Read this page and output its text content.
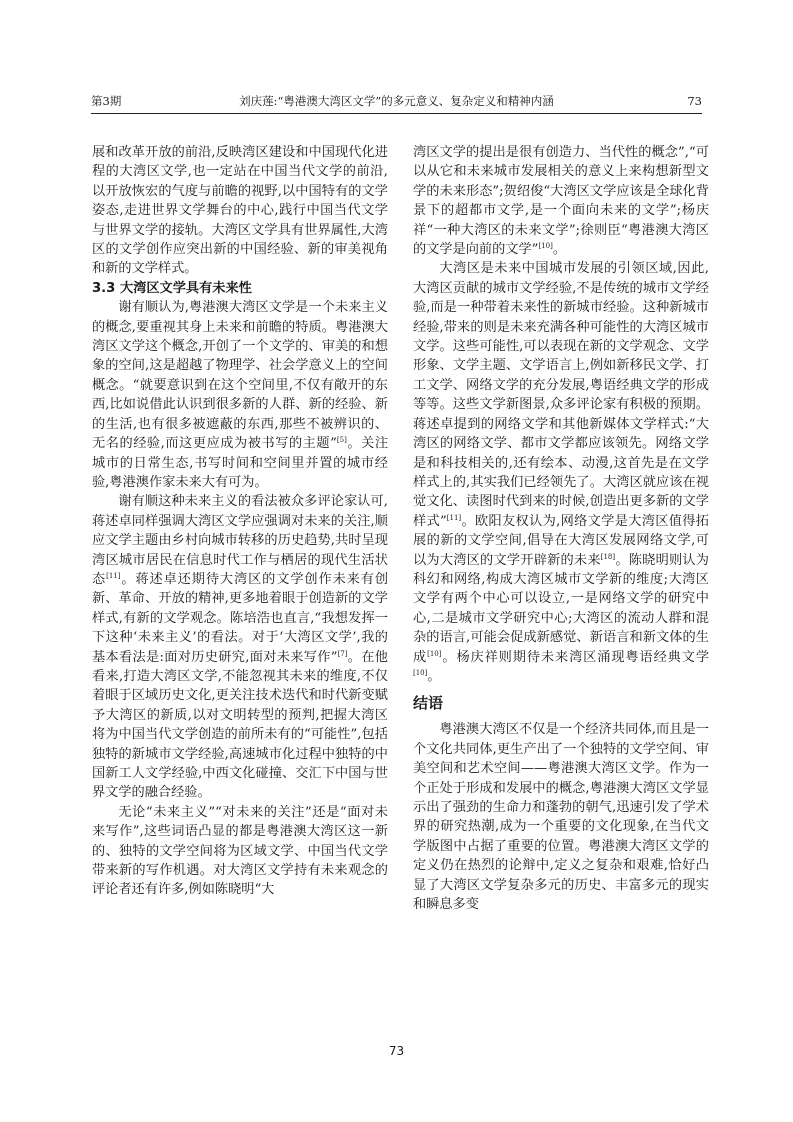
第3期	刘庆莲:“粤港澳大湾区文学”的多元意义、复杂定义和精神内涵	73

展和改革开放的前沿,反映湾区建设和中国现代化进程的大湾区文学,也一定站在中国当代文学的前沿,以开放恢宏的气度与前瞻的视野,以中国特有的文学姿态,走进世界文学舞台的中心,践行中国当代文学与世界文学的接轨。大湾区文学具有世界属性,大湾区的文学创作应突出新的中国经验、新的审美视角和新的文学样式。

3.3 大湾区文学具有未来性

谢有顺认为,粤港澳大湾区文学是一个未来主义的概念,要重视其身上未来和前瞻的特质。粤港澳大湾区文学这个概念,开创了一个文学的、审美的和想象的空间,这是超越了物理学、社会学意义上的空间概念。“就要意识到在这个空间里,不仅有敞开的东西,比如说借此认识到很多新的人群、新的经验、新的生活,也有很多被遮蔽的东西,那些不被辨识的、无名的经验,而这更应成为被书写的主题”[5]。关注城市的日常生态,书写时间和空间里并置的城市经验,粤港澳作家未来大有可为。

谢有顺这种未来主义的看法被众多评论家认可,蒋述卓同样强调大湾区文学应强调对未来的关注,顺应文学主题由乡村向城市转移的历史趋势,共时呈现湾区城市居民在信息时代工作与栖居的现代生活状态[11]。蒋述卓还期待大湾区的文学创作未来有创新、革命、开放的精神,更多地着眼于创造新的文学样式,有新的文学观念。陈培浩也直言,“我想发挥一下这种‘未来主义’的看法。对于‘大湾区文学’,我的基本看法是:面对历史研究,面对未来写作”[7]。在他看来,打造大湾区文学,不能忽视其未来的维度,不仅着眼于区域历史文化,更关注技术迭代和时代新变赋予大湾区的新质,以对文明转型的预判,把握大湾区将为中国当代文学创造的前所未有的“可能性”,包括独特的新城市文学经验,高速城市化过程中独特的中国新工人文学经验,中西文化碰撞、交汇下中国与世界文学的融合经验。

无论“未来主义”“对未来的关注”还是“面对未来写作”,这些词语凸显的都是粤港澳大湾区这一新的、独特的文学空间将为区域文学、中国当代文学带来新的写作机遇。对大湾区文学持有未来观念的评论者还有许多,例如陈晓明“大

湾区文学的提出是很有创造力、当代性的概念”,“可以从它和未来城市发展相关的意义上来构想新型文学的未来形态”;贺绍俊“大湾区文学应该是全球化背景下的超都市文学,是一个面向未来的文学”;杨庆祥“一种大湾区的未来文学”;徐则臣“粤港澳大湾区的文学是向前的文学”[10]。

大湾区是未来中国城市发展的引领区域,因此,大湾区贡献的城市文学经验,不是传统的城市文学经验,而是一种带着未来性的新城市经验。这种新城市经验,带来的则是未来充满各种可能性的大湾区城市文学。这些可能性,可以表现在新的文学观念、文学形象、文学主题、文学语言上,例如新移民文学、打工文学、网络文学的充分发展,粤语经典文学的形成等等。这些文学新图景,众多评论家有积极的预期。蒋述卓提到的网络文学和其他新媒体文学样式:“大湾区的网络文学、都市文学都应该领先。网络文学是和科技相关的,还有绘本、动漫,这首先是在文学样式上的,其实我们已经领先了。大湾区就应该在视觉文化、读图时代到来的时候,创造出更多新的文学样式”[11]。欧阳友权认为,网络文学是大湾区值得拓展的新的文学空间,倡导在大湾区发展网络文学,可以为大湾区的文学开辟新的未来[18]。陈晓明则认为科幻和网络,构成大湾区城市文学新的维度;大湾区文学有两个中心可以设立,一是网络文学的研究中心,二是城市文学研究中心;大湾区的流动人群和混杂的语言,可能会促成新感觉、新语言和新文体的生成[10]。杨庆祥则期待未来湾区涌现粤语经典文学[10]。

结语

粤港澳大湾区不仅是一个经济共同体,而且是一个文化共同体,更生产出了一个独特的文学空间、审美空间和艺术空间——粤港澳大湾区文学。作为一个正处于形成和发展中的概念,粤港澳大湾区文学显示出了强劲的生命力和蓬勃的朝气,迅速引发了学术界的研究热潮,成为一个重要的文化现象,在当代文学版图中占据了重要的位置。粤港澳大湾区文学的定义仍在热烈的论辩中,定义之复杂和艰难,恰好凸显了大湾区文学复杂多元的历史、丰富多元的现实和瞬息多变

73
